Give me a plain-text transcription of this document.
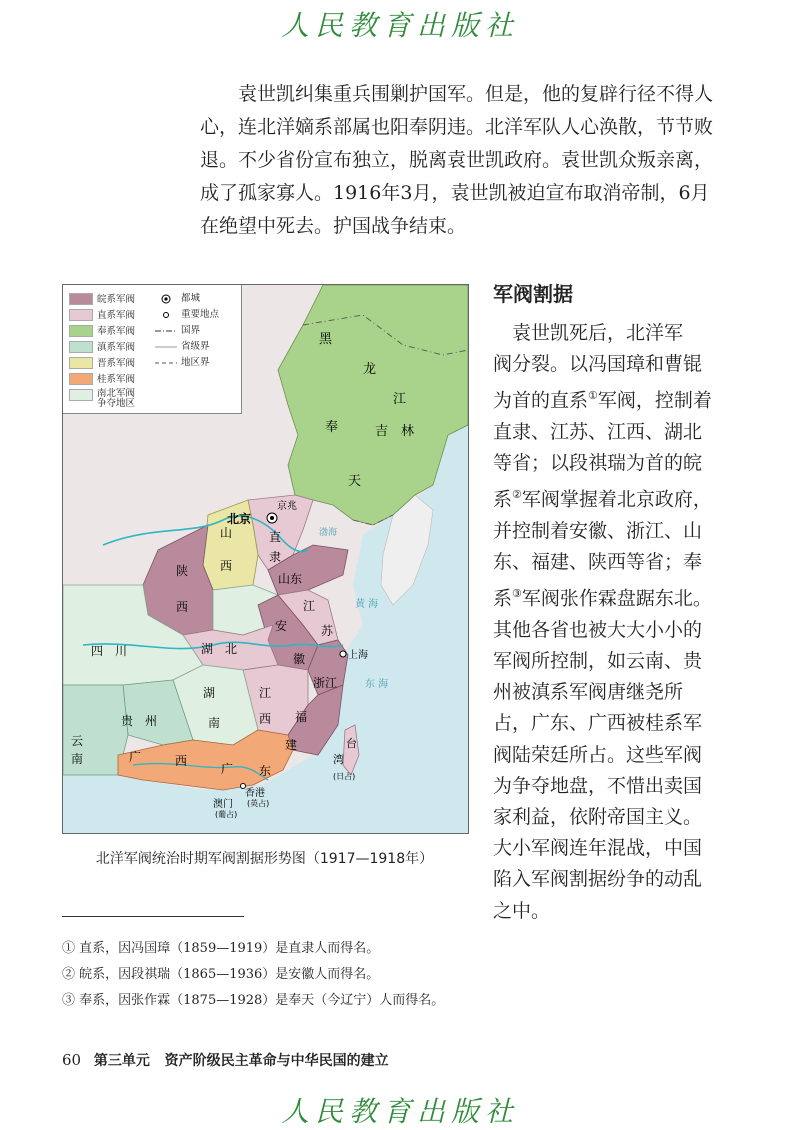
人民教育出版社
袁世凯纠集重兵围剿护国军。但是，他的复辟行径不得人
心，连北洋嫡系部属也阳奉阴违。北洋军队人心涣散，节节败
退。不少省份宣布独立，脱离袁世凯政府。袁世凯众叛亲离，
成了孤家寡人。1916年3月，袁世凯被迫宣布取消帝制，6月
在绝望中死去。护国战争结束。
黑
龙
江
吉　林
奉
天
北京
京兆
直
隶
山
西
山东
陕
西	江
苏
安
徽	上海
湖　北
四　川
浙江
湖
南
江
西
贵　州	福
建
云
南	广	西
广 东
台
湾
(日占)
香港
(英占)
澳门
(葡占)
黄 海
东 海
渤海
皖系军阀
直系军阀
奉系军阀
滇系军阀
晋系军阀
桂系军阀
南北军阀
争夺地区
都城
重要地点
国界
省级界
地区界
北洋军阀统治时期军阀割据形势图（1917—1918年）
军阀割据
　袁世凯死后，北洋军
阀分裂。以冯国璋和曹锟
为首的直系①军阀，控制着
直隶、江苏、江西、湖北
等省；以段祺瑞为首的皖
系②军阀掌握着北京政府，
并控制着安徽、浙江、山
东、福建、陕西等省；奉
系③军阀张作霖盘踞东北。
其他各省也被大大小小的
军阀所控制，如云南、贵
州被滇系军阀唐继尧所
占，广东、广西被桂系军
阀陆荣廷所占。这些军阀
为争夺地盘，不惜出卖国
家利益，依附帝国主义。
大小军阀连年混战，中国
陷入军阀割据纷争的动乱
之中。
① 直系，因冯国璋（1859—1919）是直隶人而得名。
② 皖系，因段祺瑞（1865—1936）是安徽人而得名。
③ 奉系，因张作霖（1875—1928）是奉天（今辽宁）人而得名。
60 第三单元 资产阶级民主革命与中华民国的建立
人民教育出版社
